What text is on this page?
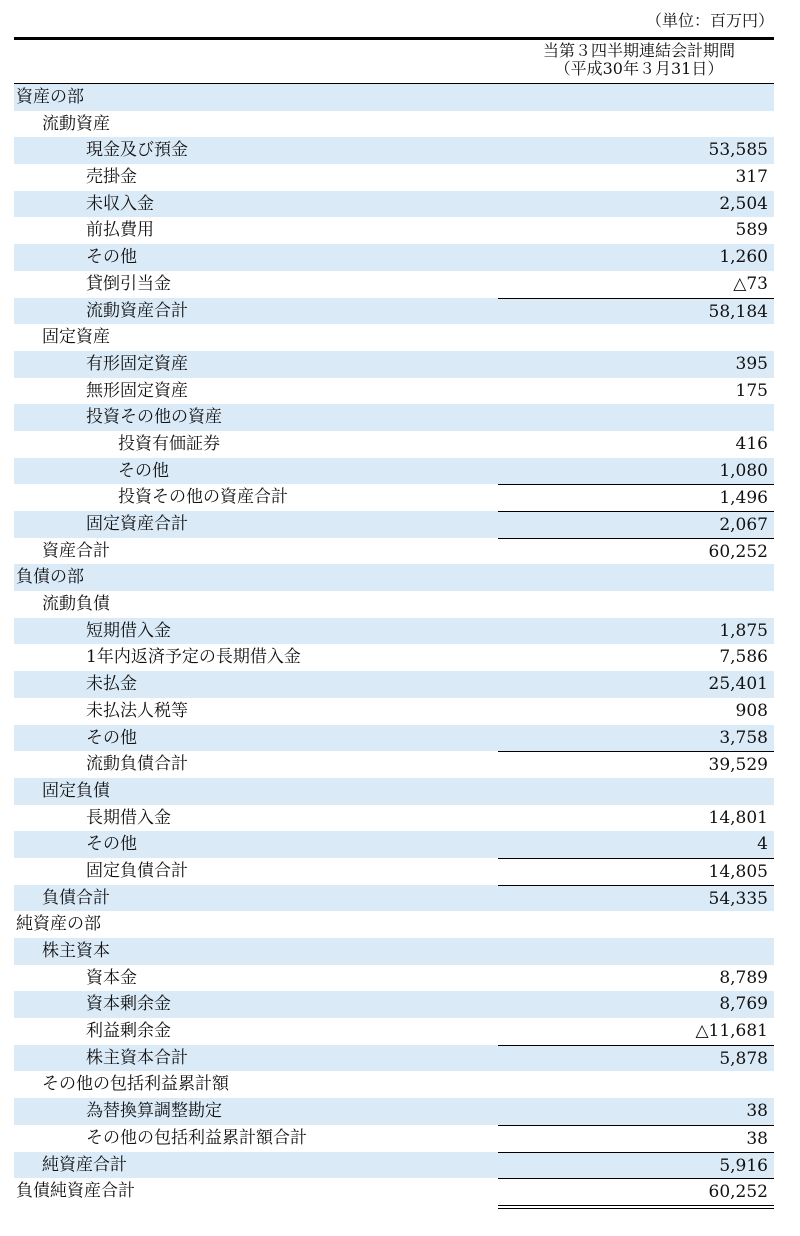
（単位：百万円）
当第３四半期連結会計期間
（平成30年３月31日）
資産の部
流動資産
現金及び預金	53,585
売掛金	317
未収入金	2,504
前払費用	589
その他	1,260
貸倒引当金	△73
流動資産合計	58,184
固定資産
有形固定資産	395
無形固定資産	175
投資その他の資産
投資有価証券	416
その他	1,080
投資その他の資産合計	1,496
固定資産合計	2,067
資産合計	60,252
負債の部
流動負債
短期借入金	1,875
1年内返済予定の長期借入金	7,586
未払金	25,401
未払法人税等	908
その他	3,758
流動負債合計	39,529
固定負債
長期借入金	14,801
その他	4
固定負債合計	14,805
負債合計	54,335
純資産の部
株主資本
資本金	8,789
資本剰余金	8,769
利益剰余金	△11,681
株主資本合計	5,878
その他の包括利益累計額
為替換算調整勘定	38
その他の包括利益累計額合計	38
純資産合計	5,916
負債純資産合計	60,252
